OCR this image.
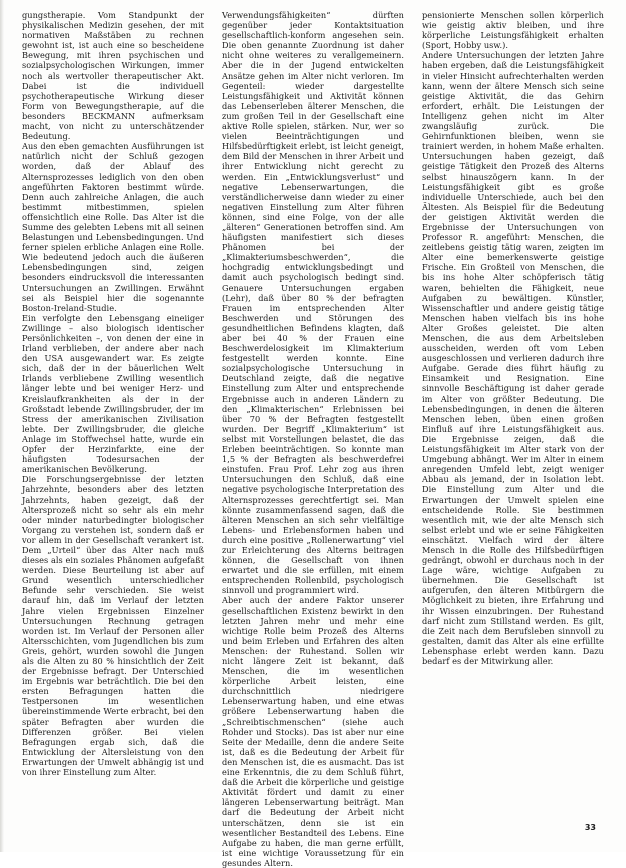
gungstherapie. Vom Standpunkt der physikalischen Medizin gesehen, der mit normativen Maßstäben zu rechnen gewohnt ist, ist auch eine so bescheidene Bewegung, mit ihren psychischen und sozialpsychologischen Wirkungen, immer noch als wertvoller therapeutischer Akt. Dabei ist die individuell psychotherapeutische Wirkung dieser Form von Bewegungstherapie, auf die besonders BECKMANN aufmerksam macht, von nicht zu unterschätzender Bedeutung.

Aus den eben gemachten Ausführungen ist natürlich nicht der Schluß gezogen worden, daß der Ablauf des Alternsprozesses lediglich von den oben angeführten Faktoren bestimmt würde. Denn auch zahlreiche Anlagen, die auch bestimmt mitbestimmen, spielen offensichtlich eine Rolle. Das Alter ist die Summe des gelebten Lebens mit all seinen Belastungen und Lebensbedingungen. Und ferner spielen erbliche Anlagen eine Rolle. Wie bedeutend jedoch auch die äußeren Lebensbedingungen sind, zeigen besonders eindrucksvoll die interessanten Untersuchungen an Zwillingen. Erwähnt sei als Beispiel hier die sogenannte Boston-Ireland-Studie.

Ein verfolgte den Lebensgang eineiiger Zwillinge – also biologisch identischer Persönlichkeiten –, von denen der eine in Irland verblieben, der andere aber nach den USA ausgewandert war. Es zeigte sich, daß der in der bäuerlichen Welt Irlands verbliebene Zwilling wesentlich länger lebte und bei weniger Herz- und Kreislaufkrankheiten als der in der Großstadt lebende Zwillingsbruder, der im Stress der amerikanischen Zivilisation lebte. Der Zwillingsbruder, die gleiche Anlage im Stoffwechsel hatte, wurde ein Opfer der Herzinfarkte, eine der häufigsten Todesursachen der amerikanischen Bevölkerung.

Die Forschungsergebnisse der letzten Jahrzehnte, besonders aber des letzten Jahrzehnts, haben gezeigt, daß der Altersprozeß nicht so sehr als ein mehr oder minder naturbedingter biologischer Vorgang zu verstehen ist, sondern daß er vor allem in der Gesellschaft verankert ist. Dem „Urteil“ über das Alter nach muß dieses als ein soziales Phänomen aufgefaßt werden. Diese Beurteilung ist aber auf Grund wesentlich unterschiedlicher Befunde sehr verschieden. Sie weist darauf hin, daß im Verlauf der letzten Jahre vielen Ergebnissen Einzelner Untersuchungen Rechnung getragen worden ist. Im Verlauf der Personen aller Altersschichten, vom Jugendlichen bis zum Greis, gehört, wurden sowohl die Jungen als die Alten zu 80 % hinsichtlich der Zeit der Ergebnisse befragt. Der Unterschied im Ergebnis war beträchtlich. Die bei den ersten Befragungen hatten die Testpersonen im wesentlichen übereinstimmende Werte erbracht, bei den später Befragten aber wurden die Differenzen größer. Bei vielen Befragungen ergab sich, daß die Entwicklung der Altersleistung von den Erwartungen der Umwelt abhängig ist und von ihrer Einstellung zum Alter.

Verwendungsfähigkeiten“ dürften gegenüber jeder Kontaktsituation gesellschaftlich-konform angesehen sein. Die oben genannte Zuordnung ist daher nicht ohne weiteres zu verallgemeinern. Aber die in der Jugend entwickelten Ansätze gehen im Alter nicht verloren. Im Gegenteil: wieder dargestellte Leistungsfähigkeit und Aktivität können das Lebenserleben älterer Menschen, die zum großen Teil in der Gesellschaft eine aktive Rolle spielen, stärken. Nur, wer so vielen Beeinträchtigungen und Hilfsbedürftigkeit erlebt, ist leicht geneigt, dem Bild der Menschen in ihrer Arbeit und ihrer Entwicklung nicht gerecht zu werden. Ein „Entwicklungsverlust“ und negative Lebenserwartungen, die verständlicherweise dann wieder zu einer negativen Einstellung zum Alter führen können, sind eine Folge, von der alle „älteren“ Generationen betroffen sind. Am häufigsten manifestiert sich dieses Phänomen bei der „Klimakteriumsbeschwerden“, die hochgradig entwicklungsbedingt und damit auch psychologisch bedingt sind. Genauere Untersuchungen ergaben (Lehr), daß über 80 % der befragten Frauen im entsprechenden Alter Beschwerden und Störungen des gesundheitlichen Befindens klagten, daß aber bei 40 % der Frauen eine Beschwerdelosigkeit im Klimakterium festgestellt werden konnte. Eine sozialpsychologische Untersuchung in Deutschland zeigte, daß die negative Einstellung zum Alter und entsprechende Ergebnisse auch in anderen Ländern zu den „Klimakterischen“ Erlebnissen bei über 70 % der Befragten festgestellt wurden. Der Begriff „Klimakterium“ ist selbst mit Vorstellungen belastet, die das Erleben beeinträchtigen. So konnte man 1,5 % der Befragten als beschwerdefrei einstufen. Frau Prof. Lehr zog aus ihren Untersuchungen den Schluß, daß eine negative psychologische Interpretation des Alternsprozesses gerechtfertigt sei. Man könnte zusammenfassend sagen, daß die älteren Menschen an sich sehr vielfältige Lebens- und Erlebensformen haben und durch eine positive „Rollenerwartung“ viel zur Erleichterung des Alterns beitragen können, die Gesellschaft von ihnen erwartet und die sie erfüllen, mit einem entsprechenden Rollenbild, psychologisch sinnvoll und programmiert wird.

Aber auch der andere Faktor unserer gesellschaftlichen Existenz bewirkt in den letzten Jahren mehr und mehr eine wichtige Rolle beim Prozeß des Alterns und beim Erleben und Erfahren des alten Menschen: der Ruhestand. Sollen wir nicht längere Zeit ist bekannt, daß Menschen, die im wesentlichen körperliche Arbeit leisten, eine durchschnittlich niedrigere Lebenserwartung haben, und eine etwas größere Lebenserwartung haben die „Schreibtischmenschen“ (siehe auch Rohder und Stocks). Das ist aber nur eine Seite der Medaille, denn die andere Seite ist, daß es die Bedeutung der Arbeit für den Menschen ist, die es ausmacht. Das ist eine Erkenntnis, die zu dem Schluß führt, daß die Arbeit die körperliche und geistige Aktivität fördert und damit zu einer längeren Lebenserwartung beiträgt. Man darf die Bedeutung der Arbeit nicht unterschätzen, denn sie ist ein wesentlicher Bestandteil des Lebens. Eine Aufgabe zu haben, die man gerne erfüllt, ist eine wichtige Voraussetzung für ein gesundes Altern.

pensionierte Menschen sollen körperlich wie geistig aktiv bleiben, und ihre körperliche Leistungsfähigkeit erhalten (Sport, Hobby usw.).

Andere Untersuchungen der letzten Jahre haben ergeben, daß die Leistungsfähigkeit in vieler Hinsicht aufrechterhalten werden kann, wenn der ältere Mensch sich seine geistige Aktivität, die das Gehirn erfordert, erhält. Die Leistungen der Intelligenz gehen nicht im Alter zwangsläufig zurück. Die Gehirnfunktionen bleiben, wenn sie trainiert werden, in hohem Maße erhalten. Untersuchungen haben gezeigt, daß geistige Tätigkeit den Prozeß des Alterns selbst hinauszögern kann. In der Leistungsfähigkeit gibt es große individuelle Unterschiede, auch bei den Ältesten. Als Beispiel für die Bedeutung der geistigen Aktivität werden die Ergebnisse der Untersuchungen von Professor R. angeführt: Menschen, die zeitlebens geistig tätig waren, zeigten im Alter eine bemerkenswerte geistige Frische. Ein Großteil von Menschen, die bis ins hohe Alter schöpferisch tätig waren, behielten die Fähigkeit, neue Aufgaben zu bewältigen. Künstler, Wissenschaftler und andere geistig tätige Menschen haben vielfach bis ins hohe Alter Großes geleistet. Die alten Menschen, die aus dem Arbeitsleben ausscheiden, werden oft vom Leben ausgeschlossen und verlieren dadurch ihre Aufgabe. Gerade dies führt häufig zu Einsamkeit und Resignation. Eine sinnvolle Beschäftigung ist daher gerade im Alter von größter Bedeutung. Die Lebensbedingungen, in denen die älteren Menschen leben, üben einen großen Einfluß auf ihre Leistungsfähigkeit aus. Die Ergebnisse zeigen, daß die Leistungsfähigkeit im Alter stark von der Umgebung abhängt. Wer im Alter in einem anregenden Umfeld lebt, zeigt weniger Abbau als jemand, der in Isolation lebt. Die Einstellung zum Alter und die Erwartungen der Umwelt spielen eine entscheidende Rolle. Sie bestimmen wesentlich mit, wie der alte Mensch sich selbst erlebt und wie er seine Fähigkeiten einschätzt. Vielfach wird der ältere Mensch in die Rolle des Hilfsbedürftigen gedrängt, obwohl er durchaus noch in der Lage wäre, wichtige Aufgaben zu übernehmen. Die Gesellschaft ist aufgerufen, den älteren Mitbürgern die Möglichkeit zu bieten, ihre Erfahrung und ihr Wissen einzubringen. Der Ruhestand darf nicht zum Stillstand werden. Es gilt, die Zeit nach dem Berufsleben sinnvoll zu gestalten, damit das Alter als eine erfüllte Lebensphase erlebt werden kann. Dazu bedarf es der Mitwirkung aller.

33
